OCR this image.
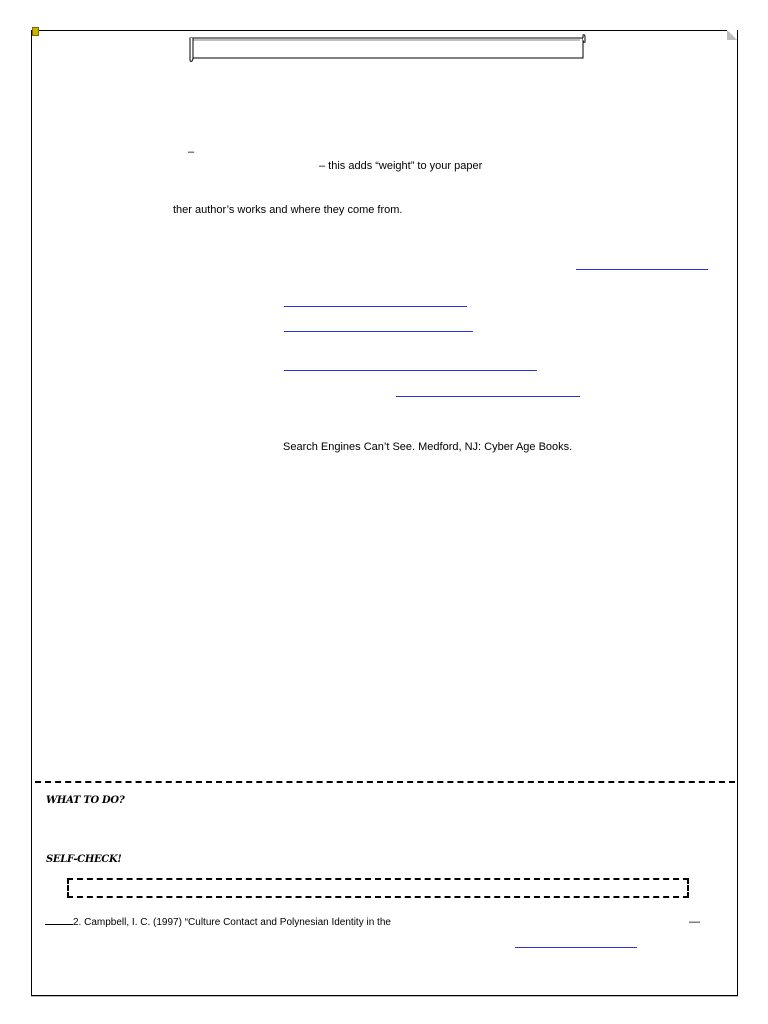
–
– this adds “weight” to your paper
ther author’s works and where they come from.
Search Engines Can’t See. Medford, NJ: Cyber Age Books.
WHAT TO DO?
SELF-CHECK!
2. Campbell, I. C. (1997) “Culture Contact and Polynesian Identity in the	—
